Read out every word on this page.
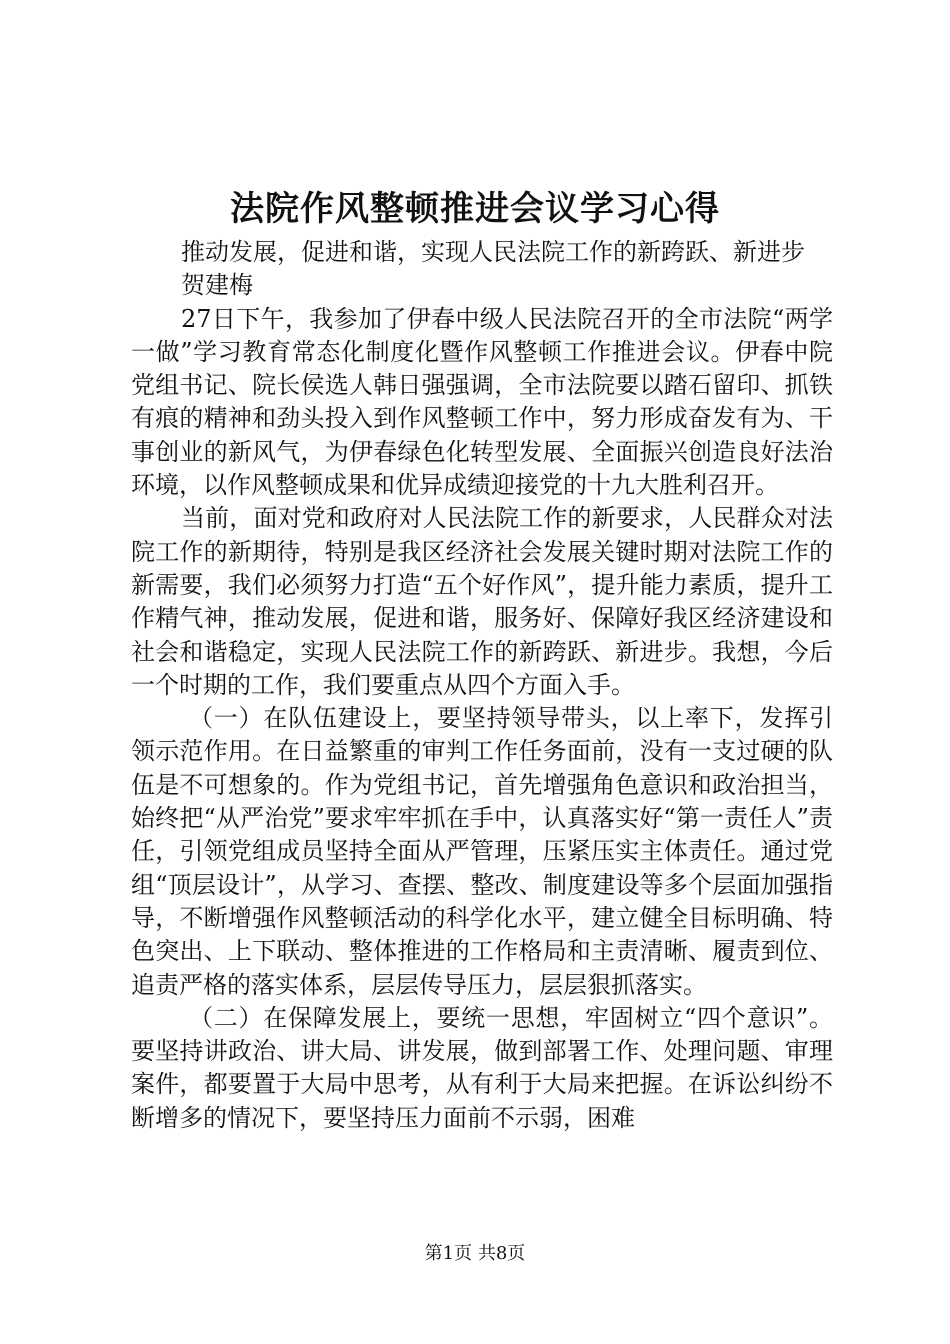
法院作风整顿推进会议学习心得

推动发展，促进和谐，实现人民法院工作的新跨跃、新进步

贺建梅

27日下午，我参加了伊春中级人民法院召开的全市法院“两学一做”学习教育常态化制度化暨作风整顿工作推进会议。伊春中院党组书记、院长侯选人韩日强强调，全市法院要以踏石留印、抓铁有痕的精神和劲头投入到作风整顿工作中，努力形成奋发有为、干事创业的新风气，为伊春绿色化转型发展、全面振兴创造良好法治环境，以作风整顿成果和优异成绩迎接党的十九大胜利召开。

当前，面对党和政府对人民法院工作的新要求，人民群众对法院工作的新期待，特别是我区经济社会发展关键时期对法院工作的新需要，我们必须努力打造“五个好作风”，提升能力素质，提升工作精气神，推动发展，促进和谐，服务好、保障好我区经济建设和社会和谐稳定，实现人民法院工作的新跨跃、新进步。我想，今后一个时期的工作，我们要重点从四个方面入手。

（一）在队伍建设上，要坚持领导带头，以上率下，发挥引领示范作用。在日益繁重的审判工作任务面前，没有一支过硬的队伍是不可想象的。作为党组书记，首先增强角色意识和政治担当，始终把“从严治党”要求牢牢抓在手中，认真落实好“第一责任人”责任，引领党组成员坚持全面从严管理，压紧压实主体责任。通过党组“顶层设计”，从学习、查摆、整改、制度建设等多个层面加强指导，不断增强作风整顿活动的科学化水平，建立健全目标明确、特色突出、上下联动、整体推进的工作格局和主责清晰、履责到位、追责严格的落实体系，层层传导压力，层层狠抓落实。

（二）在保障发展上，要统一思想，牢固树立“四个意识”。要坚持讲政治、讲大局、讲发展，做到部署工作、处理问题、审理案件，都要置于大局中思考，从有利于大局来把握。在诉讼纠纷不断增多的情况下，要坚持压力面前不示弱，困难

第1页 共8页
